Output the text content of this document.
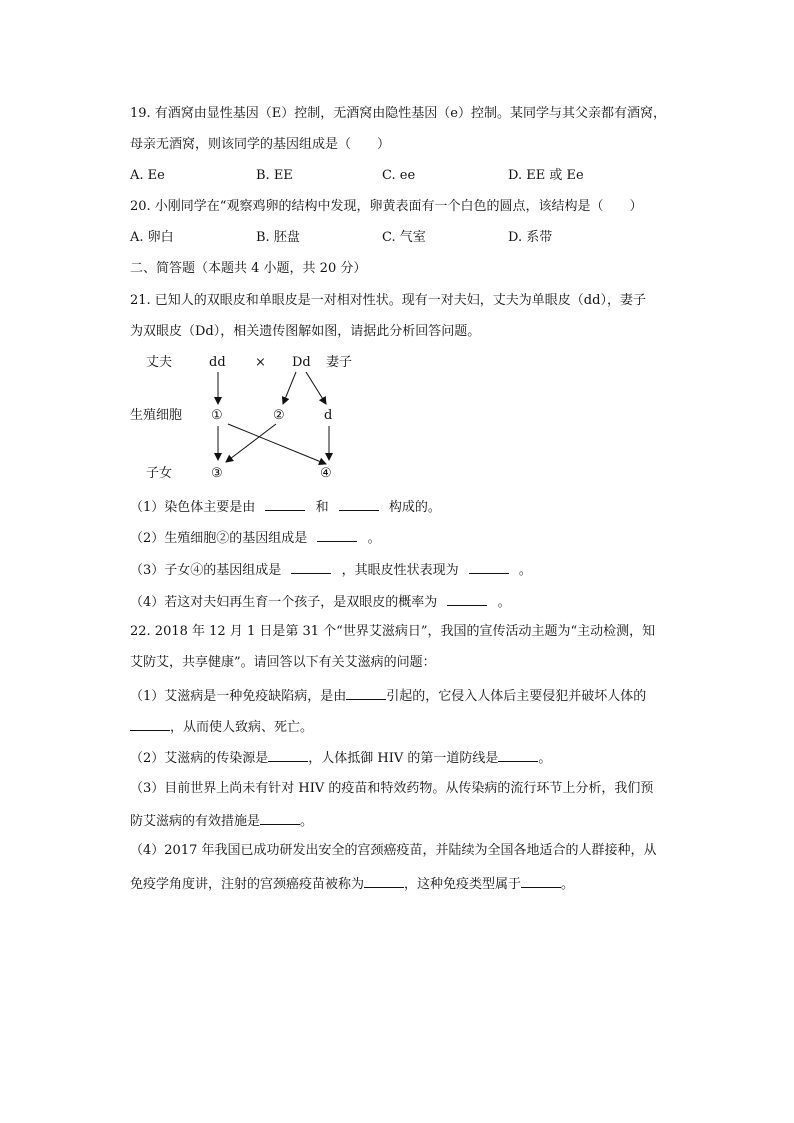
19. 有酒窝由显性基因（E）控制，无酒窝由隐性基因（e）控制。某同学与其父亲都有酒窝，
母亲无酒窝，则该同学的基因组成是（　　）
A. Ee	B. EE	C. ee	D. EE 或 Ee
20. 小刚同学在“观察鸡卵的结构中发现，卵黄表面有一个白色的圆点，该结构是（　　）
A. 卵白	B. 胚盘	C. 气室	D. 系带
二、简答题（本题共 4 小题，共 20 分）
21. 已知人的双眼皮和单眼皮是一对相对性状。现有一对夫妇，丈夫为单眼皮（dd），妻子
为双眼皮（Dd），相关遗传图解如图，请据此分析回答问题。
丈夫	dd × Dd 妻子
生殖细胞 ①	②	d
子女	③	④
（1）染色体主要是由	和	构成的。
（2）生殖细胞②的基因组成是	。
（3）子女④的基因组成是	，其眼皮性状表现为	。
（4）若这对夫妇再生育一个孩子，是双眼皮的概率为	。
22. 2018 年 12 月 1 日是第 31 个“世界艾滋病日”，我国的宣传活动主题为“主动检测，知
艾防艾，共享健康”。请回答以下有关艾滋病的问题：
（1）艾滋病是一种免疫缺陷病，是由	引起的，它侵入人体后主要侵犯并破坏人体的
，从而使人致病、死亡。
（2）艾滋病的传染源是	，人体抵御 HIV 的第一道防线是	。
（3）目前世界上尚未有针对 HIV 的疫苗和特效药物。从传染病的流行环节上分析，我们预
防艾滋病的有效措施是	。
（4）2017 年我国已成功研发出安全的宫颈癌疫苗，并陆续为全国各地适合的人群接种，从
免疫学角度讲，注射的宫颈癌疫苗被称为	，这种免疫类型属于	。
